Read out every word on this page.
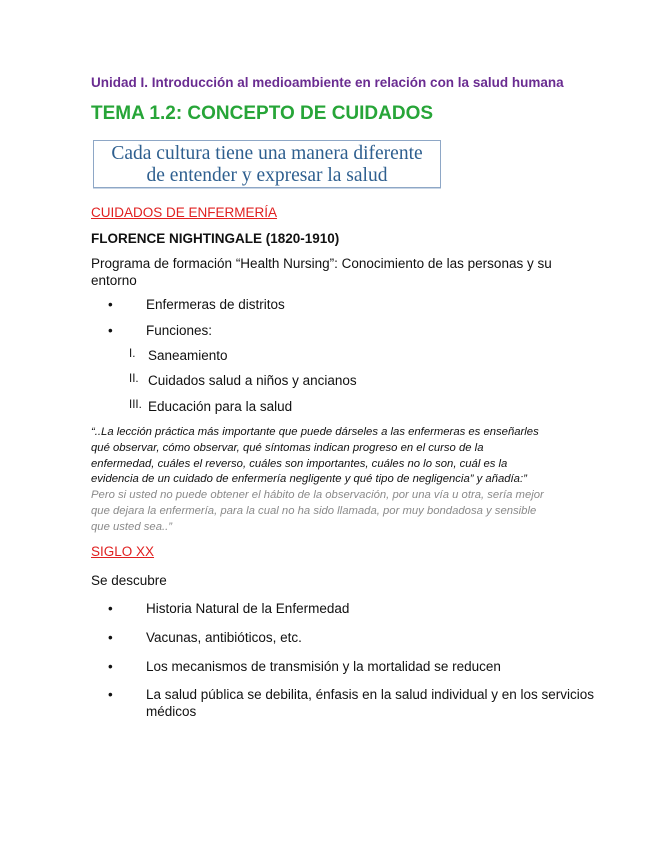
Unidad I. Introducción al medioambiente en relación con la salud humana
TEMA 1.2: CONCEPTO DE CUIDADOS
Cada cultura tiene una manera diferente
de entender y expresar la salud
CUIDADOS DE ENFERMERÍA
FLORENCE NIGHTINGALE (1820-1910)
Programa de formación “Health Nursing”: Conocimiento de las personas y su
entorno
•	Enfermeras de distritos
•	Funciones:
I. Saneamiento
II. Cuidados salud a niños y ancianos
III. Educación para la salud
“..La lección práctica más importante que puede dárseles a las enfermeras es enseñarles
qué observar, cómo observar, qué síntomas indican progreso en el curso de la
enfermedad, cuáles el reverso, cuáles son importantes, cuáles no lo son, cuál es la
evidencia de un cuidado de enfermería negligente y qué tipo de negligencia” y añadía:”
Pero si usted no puede obtener el hábito de la observación, por una vía u otra, sería mejor
que dejara la enfermería, para la cual no ha sido llamada, por muy bondadosa y sensible
que usted sea..”
SIGLO XX
Se descubre
•	Historia Natural de la Enfermedad
•	Vacunas, antibióticos, etc.
•	Los mecanismos de transmisión y la mortalidad se reducen
•	La salud pública se debilita, énfasis en la salud individual y en los servicios
médicos
